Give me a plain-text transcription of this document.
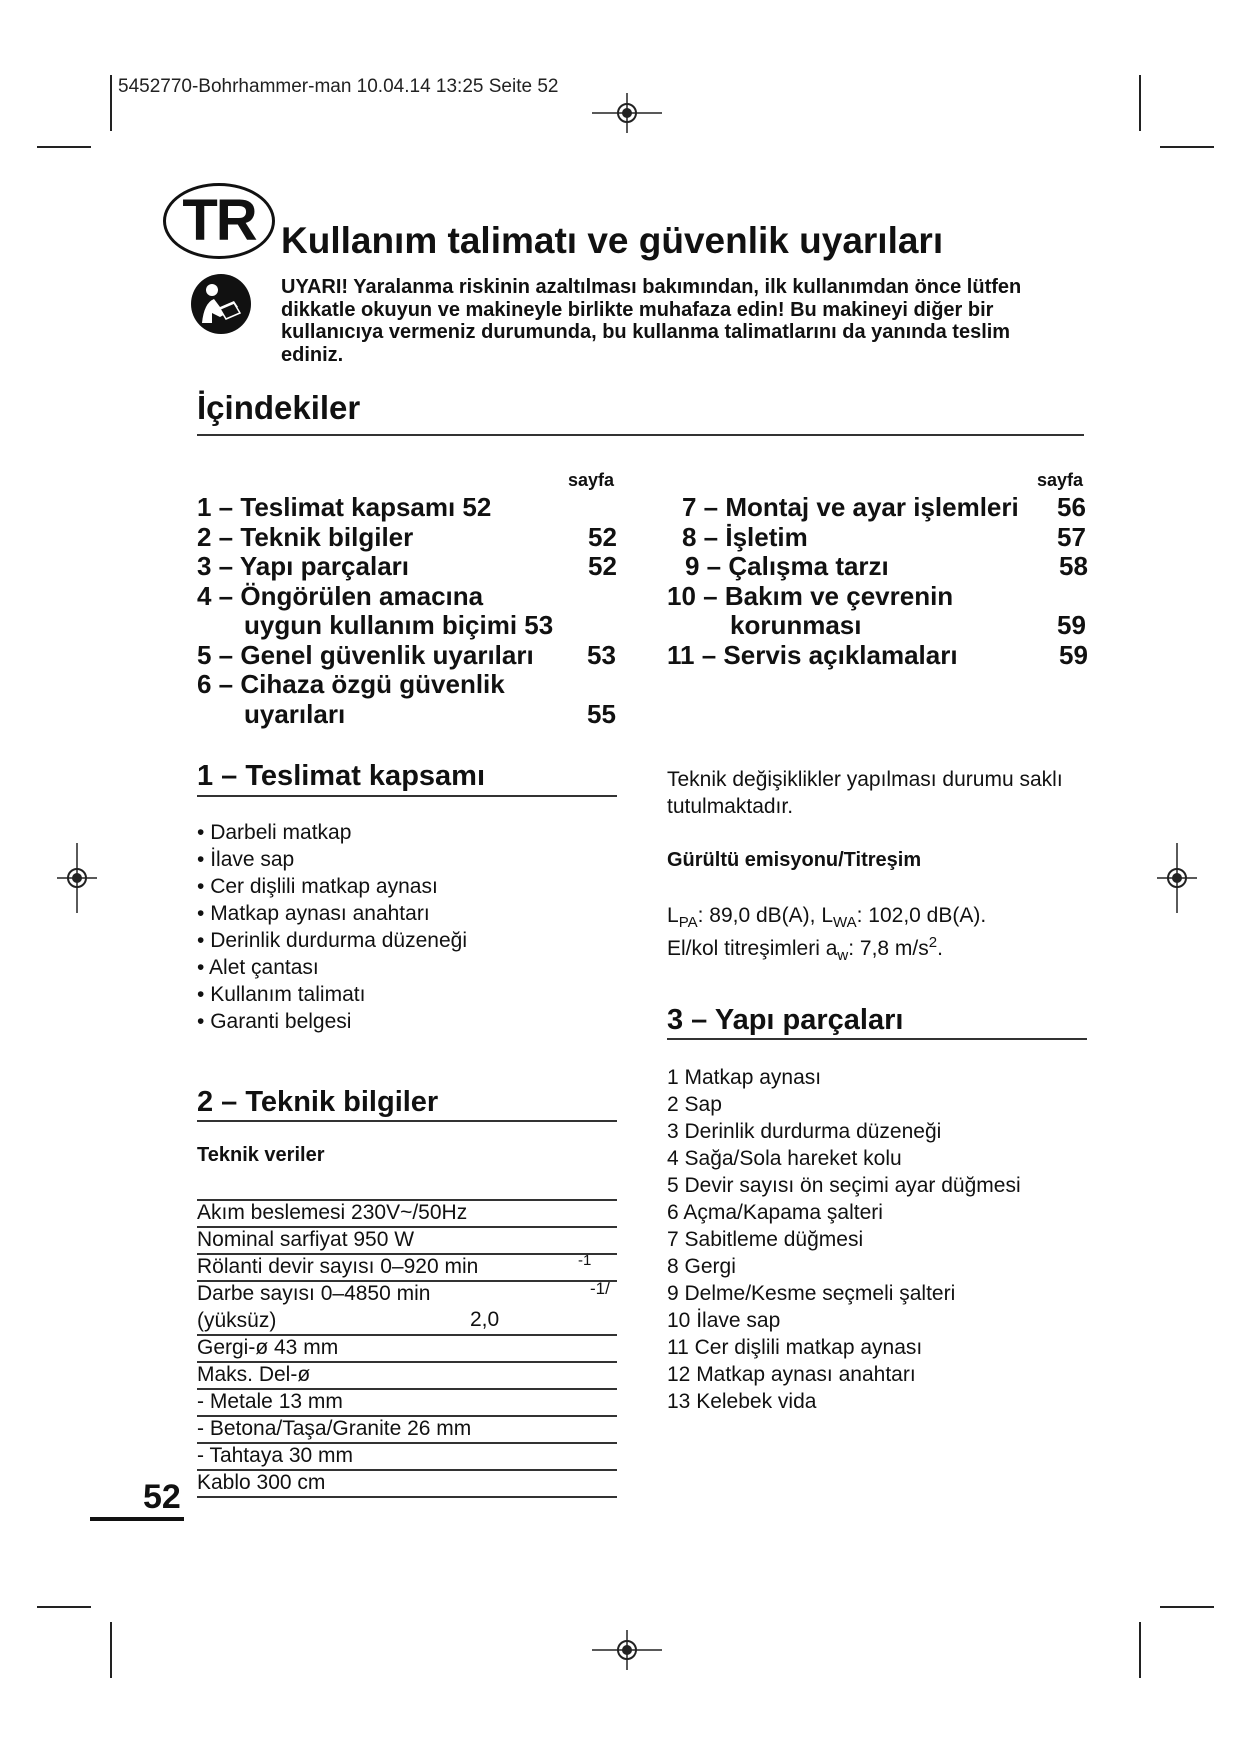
5452770-Bohrhammer-man 10.04.14 13:25 Seite 52
TR Kullanım talimatı ve güvenlik uyarıları
UYARI! Yaralanma riskinin azaltılması bakımından, ilk kullanımdan önce lütfen dikkatle okuyun ve makineyle birlikte muhafaza edin! Bu makineyi diğer bir kullanıcıya vermeniz durumunda, bu kullanma talimatlarını da yanında teslim ediniz.
İçindekiler
sayfa	sayfa
1 – Teslimat kapsamı 52
2 – Teknik bilgiler	52
3 – Yapı parçaları	52
4 – Öngörülen amacına
uygun kullanım biçimi 53
5 – Genel güvenlik uyarıları 53
6 – Cihaza özgü güvenlik
uyarıları	55
7 – Montaj ve ayar işlemleri 56
8 – İşletim	57
9 – Çalışma tarzı	58
10 – Bakım ve çevrenin
korunması	59
11 – Servis açıklamaları	59
1 – Teslimat kapsamı
• Darbeli matkap
• İlave sap
• Cer dişlili matkap aynası
• Matkap aynası anahtarı
• Derinlik durdurma düzeneği
• Alet çantası
• Kullanım talimatı
• Garanti belgesi
2 – Teknik bilgiler
Teknik veriler
Akım beslemesi 230V~/50Hz
Nominal sarfiyat 950 W
Rölanti devir sayısı 0–920 min	-1
Darbe sayısı 0–4850 min	-1/
(yüksüz)	2,0
Gergi-ø 43 mm
Maks. Del-ø
- Metale 13 mm
- Betona/Taşa/Granite 26 mm
- Tahtaya 30 mm
Kablo 300 cm
Teknik değişiklikler yapılması durumu saklı tutulmaktadır.
Gürültü emisyonu/Titreşim
$L_{PA}$: 89,0 dB(A), $L_{WA}$: 102,0 dB(A).
El/kol titreşimleri $a_w$: 7,8 $m/s^2$.
3 – Yapı parçaları
1 Matkap aynası
2 Sap
3 Derinlik durdurma düzeneği
4 Sağa/Sola hareket kolu
5 Devir sayısı ön seçimi ayar düğmesi
6 Açma/Kapama şalteri
7 Sabitleme düğmesi
8 Gergi
9 Delme/Kesme seçmeli şalteri
10 İlave sap
11 Cer dişlili matkap aynası
12 Matkap aynası anahtarı
13 Kelebek vida
52
